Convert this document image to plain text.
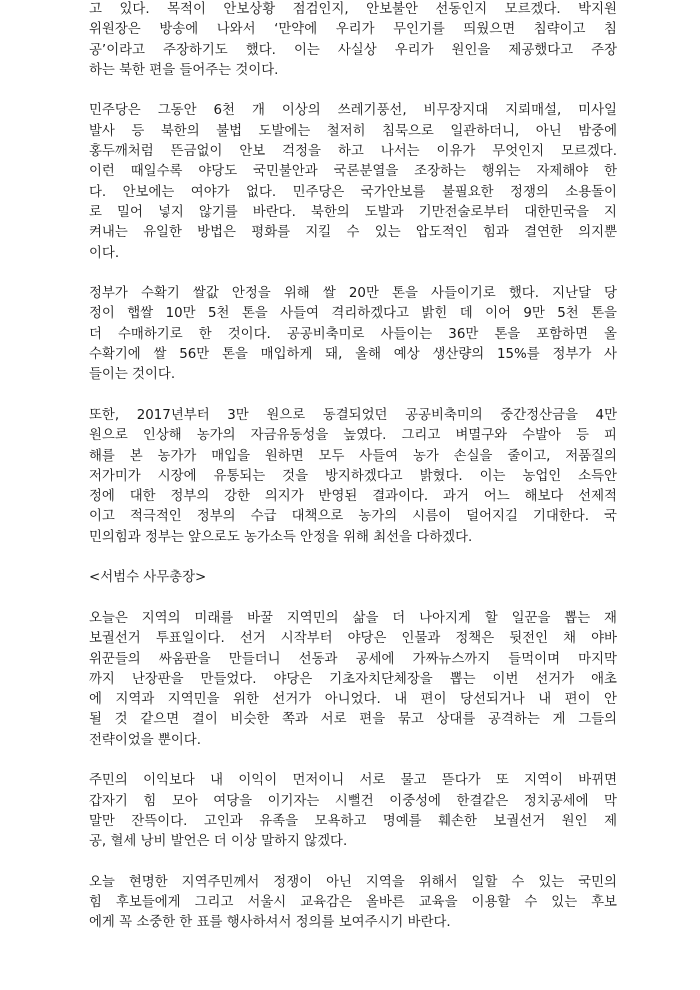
고 있다. 목적이 안보상황 점검인지, 안보불안 선동인지 모르겠다. 박지원
위원장은 방송에 나와서 ‘만약에 우리가 무인기를 띄웠으면 침략이고 침
공’이라고 주장하기도 했다. 이는 사실상 우리가 원인을 제공했다고 주장
하는 북한 편을 들어주는 것이다.
민주당은 그동안 6천 개 이상의 쓰레기풍선, 비무장지대 지뢰매설, 미사일
발사 등 북한의 불법 도발에는 철저히 침묵으로 일관하더니, 아닌 밤중에
홍두깨처럼 뜬금없이 안보 걱정을 하고 나서는 이유가 무엇인지 모르겠다.
이런 때일수록 야당도 국민불안과 국론분열을 조장하는 행위는 자제해야 한
다. 안보에는 여야가 없다. 민주당은 국가안보를 불필요한 정쟁의 소용돌이
로 밀어 넣지 않기를 바란다. 북한의 도발과 기만전술로부터 대한민국을 지
켜내는 유일한 방법은 평화를 지킬 수 있는 압도적인 힘과 결연한 의지뿐
이다.
정부가 수확기 쌀값 안정을 위해 쌀 20만 톤을 사들이기로 했다. 지난달 당
정이 햅쌀 10만 5천 톤을 사들여 격리하겠다고 밝힌 데 이어 9만 5천 톤을
더 수매하기로 한 것이다. 공공비축미로 사들이는 36만 톤을 포함하면 올
수확기에 쌀 56만 톤을 매입하게 돼, 올해 예상 생산량의 15%를 정부가 사
들이는 것이다.
또한, 2017년부터 3만 원으로 동결되었던 공공비축미의 중간정산금을 4만
원으로 인상해 농가의 자금유동성을 높였다. 그리고 벼멸구와 수발아 등 피
해를 본 농가가 매입을 원하면 모두 사들여 농가 손실을 줄이고, 저품질의
저가미가 시장에 유통되는 것을 방지하겠다고 밝혔다. 이는 농업인 소득안
정에 대한 정부의 강한 의지가 반영된 결과이다. 과거 어느 해보다 선제적
이고 적극적인 정부의 수급 대책으로 농가의 시름이 덜어지길 기대한다. 국
민의힘과 정부는 앞으로도 농가소득 안정을 위해 최선을 다하겠다.
<서범수 사무총장>
오늘은 지역의 미래를 바꿀 지역민의 삶을 더 나아지게 할 일꾼을 뽑는 재
보궐선거 투표일이다. 선거 시작부터 야당은 인물과 정책은 뒷전인 채 야바
위꾼들의 싸움판을 만들더니 선동과 공세에 가짜뉴스까지 들먹이며 마지막
까지 난장판을 만들었다. 야당은 기초자치단체장을 뽑는 이번 선거가 애초
에 지역과 지역민을 위한 선거가 아니었다. 내 편이 당선되거나 내 편이 안
될 것 같으면 결이 비슷한 쪽과 서로 편을 묶고 상대를 공격하는 게 그들의
전략이었을 뿐이다.
주민의 이익보다 내 이익이 먼저이니 서로 물고 뜯다가 또 지역이 바뀌면
갑자기 힘 모아 여당을 이기자는 시뻘건 이중성에 한결같은 정치공세에 막
말만 잔뜩이다. 고인과 유족을 모욕하고 명예를 훼손한 보궐선거 원인 제
공, 혈세 낭비 발언은 더 이상 말하지 않겠다.
오늘 현명한 지역주민께서 정쟁이 아닌 지역을 위해서 일할 수 있는 국민의
힘 후보들에게 그리고 서울시 교육감은 올바른 교육을 이용할 수 있는 후보
에게 꼭 소중한 한 표를 행사하셔서 정의를 보여주시기 바란다.
